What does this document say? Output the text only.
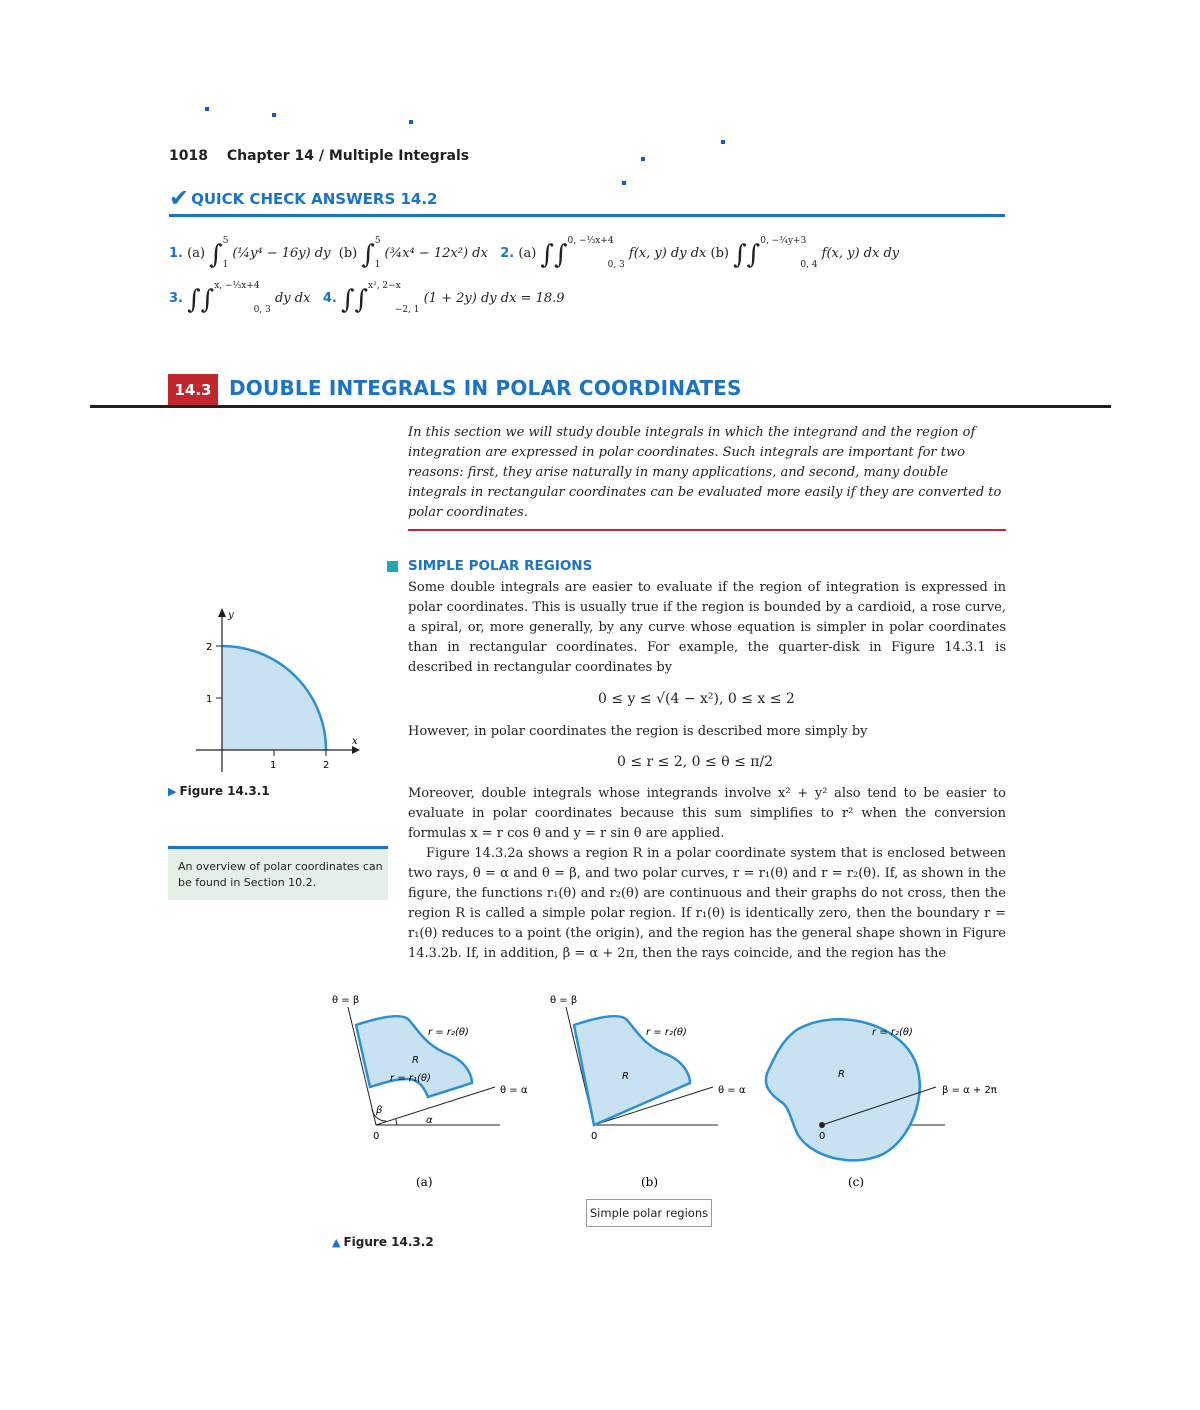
1018 Chapter 14 / Multiple Integrals
✔ QUICK CHECK ANSWERS 14.2
1. (a) ∫51 (¼y⁴ − 16y) dy (b) ∫51 (¾x⁴ − 12x²) dx 2. (a) ∫∫0, −⅓x+40, 3 f(x, y) dy dx (b) ∫∫0, −¾y+30, 4 f(x, y) dx dy
3. ∫∫x, −⅓x+40, 3 dy dx 4. ∫∫x², 2−x−2, 1 (1 + 2y) dy dx = 18.9
14.3 DOUBLE INTEGRALS IN POLAR COORDINATES
In this section we will study double integrals in which the integrand and the region of integration are expressed in polar coordinates. Such integrals are important for two reasons: first, they arise naturally in many applications, and second, many double integrals in rectangular coordinates can be evaluated more easily if they are converted to polar coordinates.
SIMPLE POLAR REGIONS
Some double integrals are easier to evaluate if the region of integration is expressed in polar coordinates. This is usually true if the region is bounded by a cardioid, a rose curve, a spiral, or, more generally, by any curve whose equation is simpler in polar coordinates than in rectangular coordinates. For example, the quarter-disk in Figure 14.3.1 is described in rectangular coordinates by
0 ≤ y ≤ √(4 − x²), 0 ≤ x ≤ 2
However, in polar coordinates the region is described more simply by
0 ≤ r ≤ 2, 0 ≤ θ ≤ π/2
Moreover, double integrals whose integrands involve x² + y² also tend to be easier to evaluate in polar coordinates because this sum simplifies to r² when the conversion formulas x = r cos θ and y = r sin θ are applied.
Figure 14.3.2a shows a region R in a polar coordinate system that is enclosed between two rays, θ = α and θ = β, and two polar curves, r = r₁(θ) and r = r₂(θ). If, as shown in the figure, the functions r₁(θ) and r₂(θ) are continuous and their graphs do not cross, then the region R is called a simple polar region. If r₁(θ) is identically zero, then the boundary r = r₁(θ) reduces to a point (the origin), and the region has the general shape shown in Figure 14.3.2b. If, in addition, β = α + 2π, then the rays coincide, and the region has the
1	2
1
2
x
y
▶ Figure 14.3.1
An overview of polar coordinates can be found in Section 10.2.
θ = β
r = r₂(θ)
R
r = r₁(θ)
θ = α
β
α
0
θ = β
r = r₂(θ)
R
θ = α
0
r = r₂(θ)
R
β = α + 2π
0
(a)	(b)	(c)
Simple polar regions
▲ Figure 14.3.2
